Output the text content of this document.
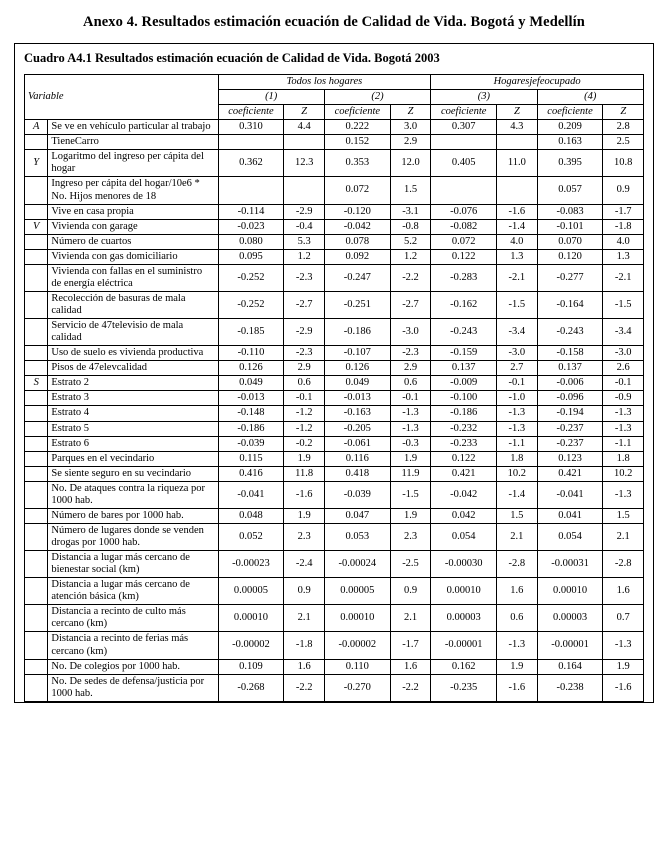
Anexo 4. Resultados estimación ecuación de Calidad de Vida. Bogotá y Medellín
Cuadro A4.1 Resultados estimación ecuación de Calidad de Vida. Bogotá 2003
Variable		Todos los hogares				Hogaresjefeocupado			
		(1)		(2)		(3)		(4)	
		coeficiente	Z	coeficiente	Z	coeficiente	Z	coeficiente	Z
A	Se ve en vehículo particular al trabajo	0.310	4.4	0.222	3.0	0.307	4.3	0.209	2.8
	TieneCarro			0.152	2.9			0.163	2.5
Y	Logaritmo del ingreso per cápita del hogar	0.362	12.3	0.353	12.0	0.405	11.0	0.395	10.8
	Ingreso per cápita del hogar/10e6 * No. Hijos menores de 18			0.072	1.5			0.057	0.9
	Vive en casa propia	-0.114	-2.9	-0.120	-3.1	-0.076	-1.6	-0.083	-1.7
V	Vivienda con garage	-0.023	-0.4	-0.042	-0.8	-0.082	-1.4	-0.101	-1.8
	Número de cuartos	0.080	5.3	0.078	5.2	0.072	4.0	0.070	4.0
	Vivienda con gas domiciliario	0.095	1.2	0.092	1.2	0.122	1.3	0.120	1.3
	Vivienda con fallas en el suministro de energía eléctrica	-0.252	-2.3	-0.247	-2.2	-0.283	-2.1	-0.277	-2.1
	Recolección de basuras de mala calidad	-0.252	-2.7	-0.251	-2.7	-0.162	-1.5	-0.164	-1.5
	Servicio de 47televisio de mala calidad	-0.185	-2.9	-0.186	-3.0	-0.243	-3.4	-0.243	-3.4
	Uso de suelo es vivienda productiva	-0.110	-2.3	-0.107	-2.3	-0.159	-3.0	-0.158	-3.0
	Pisos de 47elevcalidad	0.126	2.9	0.126	2.9	0.137	2.7	0.137	2.6
S	Estrato 2	0.049	0.6	0.049	0.6	-0.009	-0.1	-0.006	-0.1
	Estrato 3	-0.013	-0.1	-0.013	-0.1	-0.100	-1.0	-0.096	-0.9
	Estrato 4	-0.148	-1.2	-0.163	-1.3	-0.186	-1.3	-0.194	-1.3
	Estrato 5	-0.186	-1.2	-0.205	-1.3	-0.232	-1.3	-0.237	-1.3
	Estrato 6	-0.039	-0.2	-0.061	-0.3	-0.233	-1.1	-0.237	-1.1
	Parques en el vecindario	0.115	1.9	0.116	1.9	0.122	1.8	0.123	1.8
	Se siente seguro en su vecindario	0.416	11.8	0.418	11.9	0.421	10.2	0.421	10.2
	No. De ataques contra la riqueza por 1000 hab.	-0.041	-1.6	-0.039	-1.5	-0.042	-1.4	-0.041	-1.3
	Número de bares por 1000 hab.	0.048	1.9	0.047	1.9	0.042	1.5	0.041	1.5
	Número de lugares donde se venden drogas por 1000 hab.	0.052	2.3	0.053	2.3	0.054	2.1	0.054	2.1
	Distancia a lugar más cercano de bienestar social (km)	-0.00023	-2.4	-0.00024	-2.5	-0.00030	-2.8	-0.00031	-2.8
	Distancia a lugar más cercano de atención básica (km)	0.00005	0.9	0.00005	0.9	0.00010	1.6	0.00010	1.6
	Distancia a recinto de culto más cercano (km)	0.00010	2.1	0.00010	2.1	0.00003	0.6	0.00003	0.7
	Distancia a recinto de ferias más cercano (km)	-0.00002	-1.8	-0.00002	-1.7	-0.00001	-1.3	-0.00001	-1.3
	No. De colegios por 1000 hab.	0.109	1.6	0.110	1.6	0.162	1.9	0.164	1.9
	No. De sedes de defensa/justicia por 1000 hab.	-0.268	-2.2	-0.270	-2.2	-0.235	-1.6	-0.238	-1.6
